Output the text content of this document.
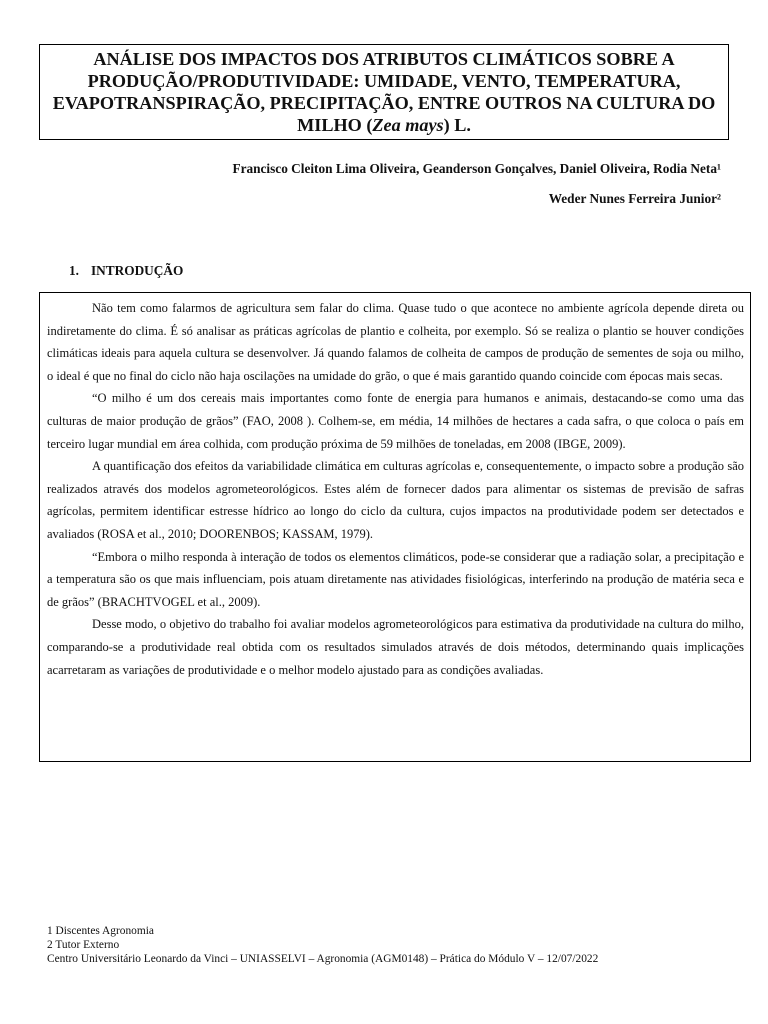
ANÁLISE DOS IMPACTOS DOS ATRIBUTOS CLIMÁTICOS SOBRE A PRODUÇÃO/PRODUTIVIDADE: UMIDADE, VENTO, TEMPERATURA, EVAPOTRANSPIRAÇÃO, PRECIPITAÇÃO, ENTRE OUTROS NA CULTURA DO MILHO (Zea mays) L.
Francisco Cleiton Lima Oliveira, Geanderson Gonçalves, Daniel Oliveira, Rodia Neta¹
Weder Nunes Ferreira Junior²
1. INTRODUÇÃO

Não tem como falarmos de agricultura sem falar do clima. Quase tudo o que acontece no ambiente agrícola depende direta ou indiretamente do clima. É só analisar as práticas agrícolas de plantio e colheita, por exemplo. Só se realiza o plantio se houver condições climáticas ideais para aquela cultura se desenvolver. Já quando falamos de colheita de campos de produção de sementes de soja ou milho, o ideal é que no final do ciclo não haja oscilações na umidade do grão, o que é mais garantido quando coincide com épocas mais secas.

“O milho é um dos cereais mais importantes como fonte de energia para humanos e animais, destacando-se como uma das culturas de maior produção de grãos” (FAO, 2008 ). Colhem-se, em média, 14 milhões de hectares a cada safra, o que coloca o país em terceiro lugar mundial em área colhida, com produção próxima de 59 milhões de toneladas, em 2008 (IBGE, 2009).

A quantificação dos efeitos da variabilidade climática em culturas agrícolas e, consequentemente, o impacto sobre a produção são realizados através dos modelos agrometeorológicos. Estes além de fornecer dados para alimentar os sistemas de previsão de safras agrícolas, permitem identificar estresse hídrico ao longo do ciclo da cultura, cujos impactos na produtividade podem ser detectados e avaliados (ROSA et al., 2010; DOORENBOS; KASSAM, 1979).

“Embora o milho responda à interação de todos os elementos climáticos, pode-se considerar que a radiação solar, a precipitação e a temperatura são os que mais influenciam, pois atuam diretamente nas atividades fisiológicas, interferindo na produção de matéria seca e de grãos” (BRACHTVOGEL et al., 2009).

Desse modo, o objetivo do trabalho foi avaliar modelos agrometeorológicos para estimativa da produtividade na cultura do milho, comparando-se a produtividade real obtida com os resultados simulados através de dois métodos, determinando quais implicações acarretaram as variações de produtividade e o melhor modelo ajustado para as condições avaliadas.

1 Discentes Agronomia
2 Tutor Externo
Centro Universitário Leonardo da Vinci – UNIASSELVI – Agronomia (AGM0148) – Prática do Módulo V – 12/07/2022
